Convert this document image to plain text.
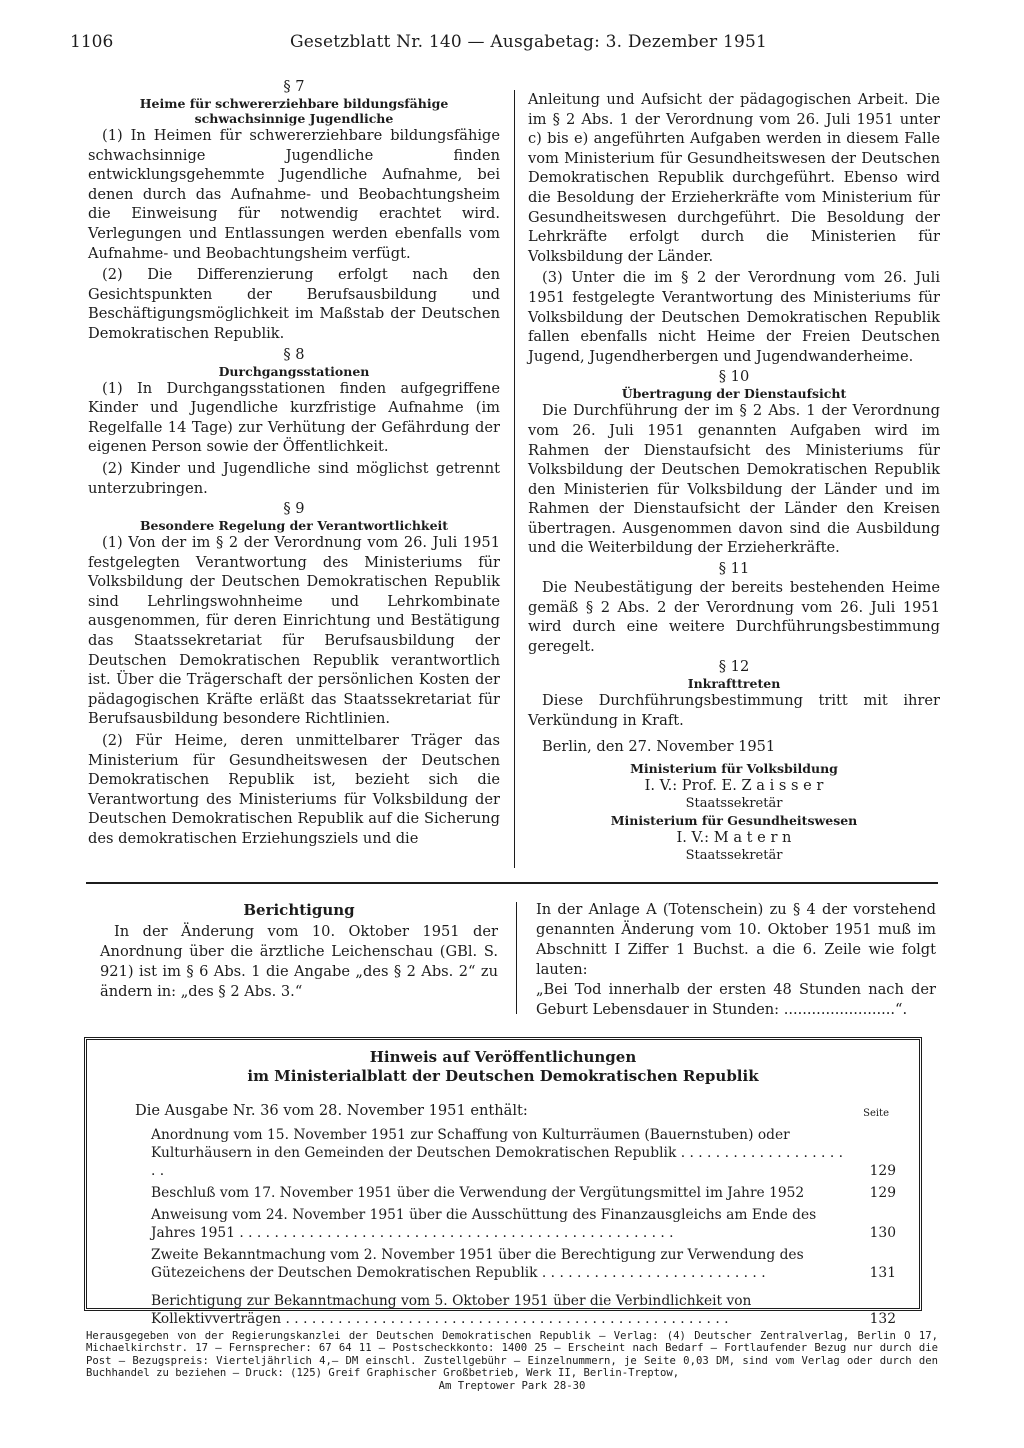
1106	Gesetzblatt Nr. 140 — Ausgabetag: 3. Dezember 1951

§ 7

Heime für schwererziehbare bildungsfähige

schwachsinnige Jugendliche

(1) In Heimen für schwererziehbare bildungsfähige schwachsinnige Jugendliche finden entwicklungsgehemmte Jugendliche Aufnahme, bei denen durch das Aufnahme- und Beobachtungsheim die Einweisung für notwendig erachtet wird. Verlegungen und Entlassungen werden ebenfalls vom Aufnahme- und Beobachtungsheim verfügt.

(2) Die Differenzierung erfolgt nach den Gesichtspunkten der Berufsausbildung und Beschäftigungsmöglichkeit im Maßstab der Deutschen Demokratischen Republik.

§ 8

Durchgangsstationen

(1) In Durchgangsstationen finden aufgegriffene Kinder und Jugendliche kurzfristige Aufnahme (im Regelfalle 14 Tage) zur Verhütung der Gefährdung der eigenen Person sowie der Öffentlichkeit.

(2) Kinder und Jugendliche sind möglichst getrennt unterzubringen.

§ 9

Besondere Regelung der Verantwortlichkeit

(1) Von der im § 2 der Verordnung vom 26. Juli 1951 festgelegten Verantwortung des Ministeriums für Volksbildung der Deutschen Demokratischen Republik sind Lehrlingswohnheime und Lehrkombinate ausgenommen, für deren Einrichtung und Bestätigung das Staatssekretariat für Berufsausbildung der Deutschen Demokratischen Republik verantwortlich ist. Über die Trägerschaft der persönlichen Kosten der pädagogischen Kräfte erläßt das Staatssekretariat für Berufsausbildung besondere Richtlinien.

(2) Für Heime, deren unmittelbarer Träger das Ministerium für Gesundheitswesen der Deutschen Demokratischen Republik ist, bezieht sich die Verantwortung des Ministeriums für Volksbildung der Deutschen Demokratischen Republik auf die Sicherung des demokratischen Erziehungsziels und die

Anleitung und Aufsicht der pädagogischen Arbeit. Die im § 2 Abs. 1 der Verordnung vom 26. Juli 1951 unter c) bis e) angeführten Aufgaben werden in diesem Falle vom Ministerium für Gesundheitswesen der Deutschen Demokratischen Republik durchgeführt. Ebenso wird die Besoldung der Erzieherkräfte vom Ministerium für Gesundheitswesen durchgeführt. Die Besoldung der Lehrkräfte erfolgt durch die Ministerien für Volksbildung der Länder.

(3) Unter die im § 2 der Verordnung vom 26. Juli 1951 festgelegte Verantwortung des Ministeriums für Volksbildung der Deutschen Demokratischen Republik fallen ebenfalls nicht Heime der Freien Deutschen Jugend, Jugendherbergen und Jugendwanderheime.

§ 10

Übertragung der Dienstaufsicht

Die Durchführung der im § 2 Abs. 1 der Verordnung vom 26. Juli 1951 genannten Aufgaben wird im Rahmen der Dienstaufsicht des Ministeriums für Volksbildung der Deutschen Demokratischen Republik den Ministerien für Volksbildung der Länder und im Rahmen der Dienstaufsicht der Länder den Kreisen übertragen. Ausgenommen davon sind die Ausbildung und die Weiterbildung der Erzieherkräfte.

§ 11

Die Neubestätigung der bereits bestehenden Heime gemäß § 2 Abs. 2 der Verordnung vom 26. Juli 1951 wird durch eine weitere Durchführungsbestimmung geregelt.

§ 12

Inkrafttreten

Diese Durchführungsbestimmung tritt mit ihrer Verkündung in Kraft.

Berlin, den 27. November 1951

Ministerium für Volksbildung

I. V.: Prof. E. Z a i s s e r

Staatssekretär

Ministerium für Gesundheitswesen

I. V.: M a t e r n

Staatssekretär

Berichtigung

In der Änderung vom 10. Oktober 1951 der Anordnung über die ärztliche Leichenschau (GBl. S. 921) ist im § 6 Abs. 1 die Angabe „des § 2 Abs. 2“ zu ändern in: „des § 2 Abs. 3.“

In der Anlage A (Totenschein) zu § 4 der vorstehend genannten Änderung vom 10. Oktober 1951 muß im Abschnitt I Ziffer 1 Buchst. a die 6. Zeile wie folgt lauten:

„Bei Tod innerhalb der ersten 48 Stunden nach der Geburt Lebensdauer in Stunden: ........................“.

Hinweis auf Veröffentlichungen
im Ministerialblatt der Deutschen Demokratischen Republik
Die Ausgabe Nr. 36 vom 28. November 1951 enthält:	Seite
Anordnung vom 15. November 1951 zur Schaffung von Kulturräumen (Bauernstuben) oder Kulturhäusern in den Gemeinden der Deutschen Demokratischen Republik . . . . . . . . . . . . . . . . . . . . .	129
Beschluß vom 17. November 1951 über die Verwendung der Vergütungsmittel im Jahre 1952	129
Anweisung vom 24. November 1951 über die Ausschüttung des Finanzausgleichs am Ende des Jahres 1951 . . . . . . . . . . . . . . . . . . . . . . . . . . . . . . . . . . . . . . . . . . . . . . . . . .	130
Zweite Bekanntmachung vom 2. November 1951 über die Berechtigung zur Verwendung des Gütezeichens der Deutschen Demokratischen Republik . . . . . . . . . . . . . . . . . . . . . . . . . .	131
Berichtigung zur Bekanntmachung vom 5. Oktober 1951 über die Verbindlichkeit von Kollektivverträgen . . . . . . . . . . . . . . . . . . . . . . . . . . . . . . . . . . . . . . . . . . . . . . . . . . .	132

Herausgegeben von der Regierungskanzlei der Deutschen Demokratischen Republik — Verlag: (4) Deutscher Zentralverlag, Berlin O 17, Michaelkirchstr. 17 — Fernsprecher: 67 64 11 — Postscheckkonto: 1400 25 — Erscheint nach Bedarf — Fortlaufender Bezug nur durch die Post — Bezugspreis: Vierteljährlich 4,— DM einschl. Zustellgebühr — Einzelnummern, je Seite 0,03 DM, sind vom Verlag oder durch den Buchhandel zu beziehen — Druck: (125) Greif Graphischer Großbetrieb, Werk II, Berlin-Treptow,

Am Treptower Park 28-30
